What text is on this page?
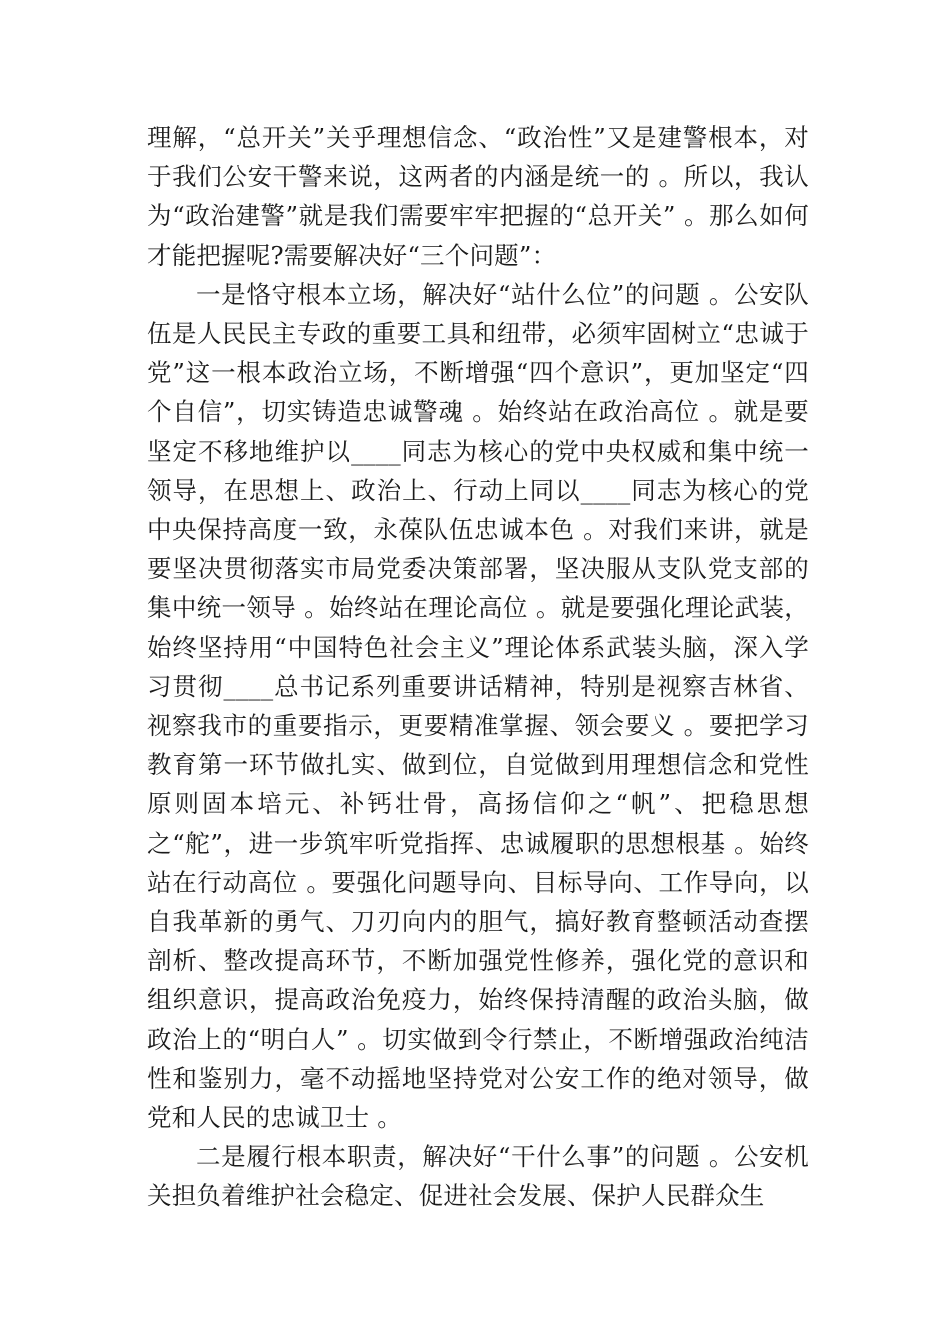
理解，“总开关”关乎理想信念、“政治性”又是建警根本，对于我们公安干警来说，这两者的内涵是统一的 。所以，我认为“政治建警”就是我们需要牢牢把握的“总开关” 。那么如何才能把握呢?需要解决好“三个问题”：

一是恪守根本立场，解决好“站什么位”的问题 。公安队伍是人民民主专政的重要工具和纽带，必须牢固树立“忠诚于党”这一根本政治立场，不断增强“四个意识”，更加坚定“四个自信”，切实铸造忠诚警魂 。始终站在政治高位 。就是要坚定不移地维护以____同志为核心的党中央权威和集中统一领导，在思想上、政治上、行动上同以____同志为核心的党中央保持高度一致，永葆队伍忠诚本色 。对我们来讲，就是要坚决贯彻落实市局党委决策部署，坚决服从支队党支部的集中统一领导 。始终站在理论高位 。就是要强化理论武装，始终坚持用“中国特色社会主义”理论体系武装头脑，深入学习贯彻____总书记系列重要讲话精神，特别是视察吉林省、视察我市的重要指示，更要精准掌握、领会要义 。要把学习教育第一环节做扎实、做到位，自觉做到用理想信念和党性原则固本培元、补钙壮骨，高扬信仰之“帆”、把稳思想之“舵”，进一步筑牢听党指挥、忠诚履职的思想根基 。始终站在行动高位 。要强化问题导向、目标导向、工作导向，以自我革新的勇气、刀刃向内的胆气，搞好教育整顿活动查摆剖析、整改提高环节，不断加强党性修养，强化党的意识和组织意识，提高政治免疫力，始终保持清醒的政治头脑，做政治上的“明白人” 。切实做到令行禁止，不断增强政治纯洁性和鉴别力，毫不动摇地坚持党对公安工作的绝对领导，做党和人民的忠诚卫士 。

二是履行根本职责，解决好“干什么事”的问题 。公安机关担负着维护社会稳定、促进社会发展、保护人民群众生
